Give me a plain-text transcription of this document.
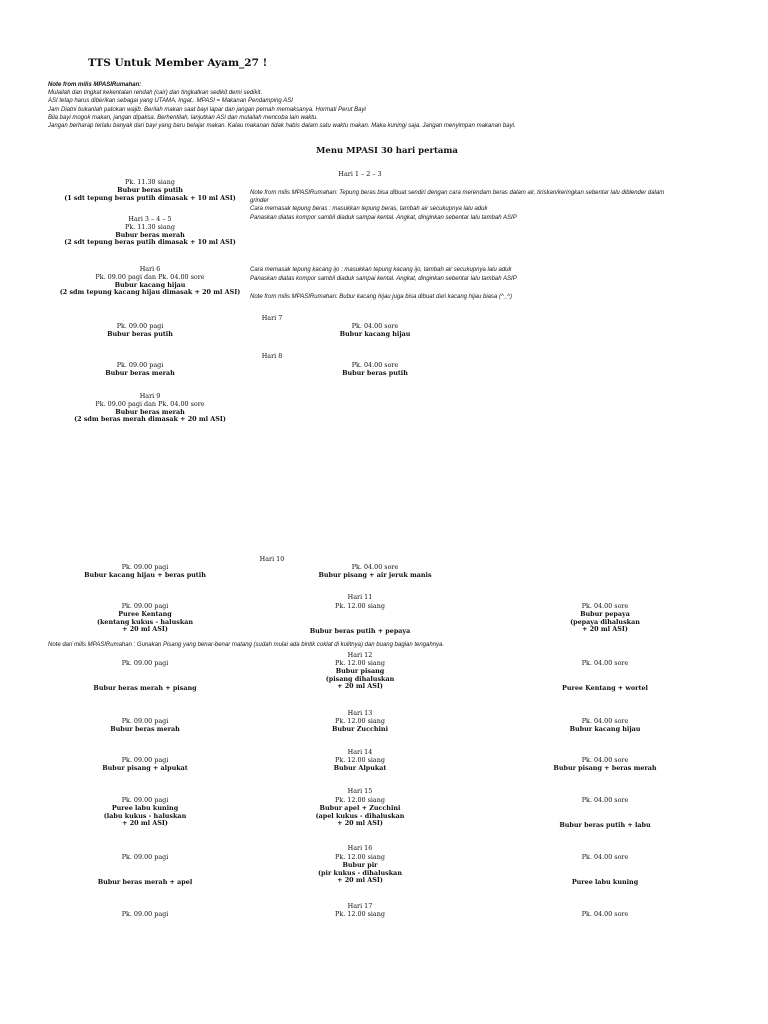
TTS Untuk Member Ayam_27 !
Note from milis MPASIRumahan:
Mulailah dan tingkat kekentalan rendah (cair) dan tingkatkan sedikit demi sedikit.
ASI tetap harus diberikan sebagai yang UTAMA, Ingat.. MPASI = Makanan Pendamping ASI
Jam Diatni bukanlah patokan wajib. Berilah makan saat bayi lapar dan jangan pernah memaksanya. Hormati Perut Bayi
Bila bayi mogok makan, jangan dipaksa. Berhentilah, lanjutkan ASI dan mulailah mencoba lain waktu.
Jangan berharap terlalu banyak dari bayi yang baru belajar makan. Kalau makanan tidak habis dalam satu waktu makan. Maka kuningi saja. Jangan menyimpan makanan bayi.
Menu MPASI 30 hari pertama
Hari 1 – 2 – 3
Pk. 11.30 siang
Bubur beras putih
(1 sdt tepung beras putih dimasak + 10 ml ASI)
Note from milis MPASIRumahan: Tepung beras bisa dibuat sendiri dengan cara merendam beras dalam air, tiriskan/keringkan sebentar lalu diblender dalam
grinder
Cara memasak tepung beras : masukkan tepung beras, tambah air secukupnya lalu aduk
Panaskan diatas kompor sambil diaduk sampai kental. Angkat, dinginkan sebentar lalu tambah ASIP
Hari 3 – 4 – 5
Pk. 11.30 siang
Bubur beras merah
(2 sdt tepung beras putih dimasak + 10 ml ASI)
Hari 6
Pk. 09.00 pagi dan Pk. 04.00 sore
Bubur kacang hijau
(2 sdm tepung kacang hijau dimasak + 20 ml ASI)
Cara memasak tepung kacang ijo : masukkan tepung kacang ijo, tambah air secukupnya lalu aduk
Panaskan diatas kompor sambil diaduk sampai kental. Angkat, dinginkan sebentar lalu tambah ASIP
Note from milis MPASIRumahan: Bubur kacang hijau juga bisa dibuat dari kacang hijau biasa (^_^)
Hari 7
Pk. 09.00 pagi
Bubur beras putih
Pk. 04.00 sore
Bubur kacang hijau
Hari 8
Pk. 09.00 pagi
Bubur beras merah
Pk. 04.00 sore
Bubur beras putih
Hari 9
Pk. 09.00 pagi dan Pk. 04.00 sore
Bubur beras merah
(2 sdm beras merah dimasak + 20 ml ASI)
Hari 10
Pk. 09.00 pagi
Bubur kacang hijau + beras putih
Pk. 04.00 sore
Bubur pisang + air jeruk manis
Hari 11
Pk. 09.00 pagi
Puree Kentang
(kentang kukus - haluskan
+ 20 ml ASI)
Pk. 12.00 siang
Bubur beras putih + pepaya
Pk. 04.00 sore
Bubur pepaya
(pepaya dihaluskan
+ 20 ml ASI)
Note dari milis MPASIRumahan : Gunakan Pisang yang benar-benar matang (sudah mulai ada bintik coklat di kulitnya) dan buang bagian tengahnya.
Hari 12
Pk. 09.00 pagi
Bubur beras merah + pisang
Pk. 12.00 siang
Bubur pisang
(pisang dihaluskan
+ 20 ml ASI)
Pk. 04.00 sore
Puree Kentang + wortel
Hari 13
Pk. 09.00 pagi
Bubur beras merah
Pk. 12.00 siang
Bubur Zucchini
Pk. 04.00 sore
Bubur kacang hijau
Hari 14
Pk. 09.00 pagi
Bubur pisang + alpukat
Pk. 12.00 siang
Bubur Alpukat
Pk. 04.00 sore
Bubur pisang + beras merah
Hari 15
Pk. 09.00 pagi
Puree labu kuning
(labu kukus - haluskan
+ 20 ml ASI)
Pk. 12.00 siang
Bubur apel + Zucchini
(apel kukus - dihaluskan
+ 20 ml ASI)
Pk. 04.00 sore
Bubur beras putih + labu
Hari 16
Pk. 09.00 pagi
Bubur beras merah + apel
Pk. 12.00 siang
Bubur pir
(pir kukus - dihaluskan
+ 20 ml ASI)
Pk. 04.00 sore
Puree labu kuning
Hari 17
Pk. 09.00 pagi	Pk. 12.00 siang	Pk. 04.00 sore
